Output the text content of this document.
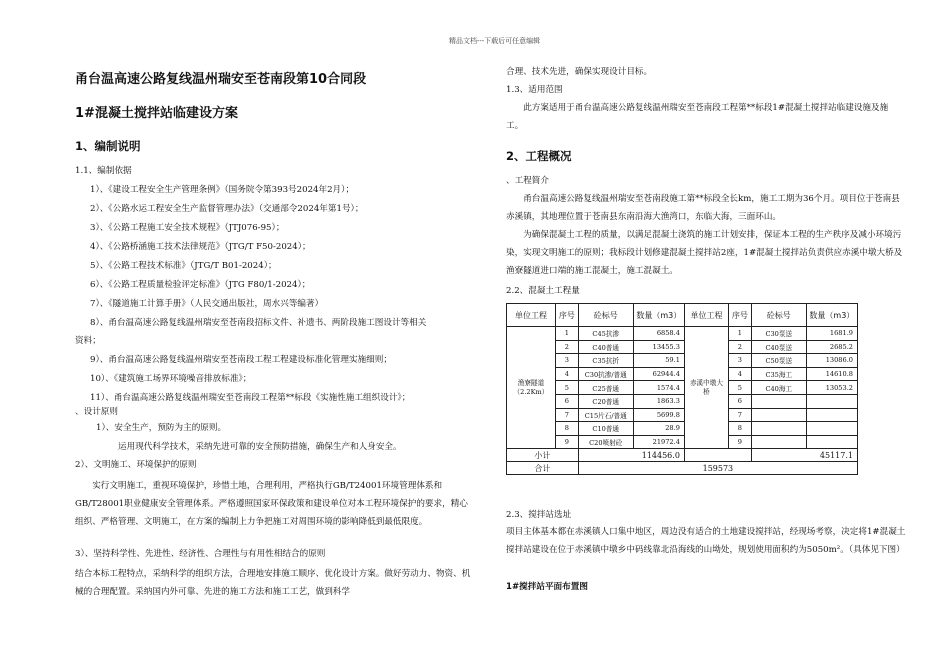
精品文档---下载后可任意编辑
甬台温高速公路复线温州瑞安至苍南段第10合同段
1#混凝土搅拌站临建设方案
1、编制说明
1.1、编制依据
1）、《建设工程安全生产管理条例》（国务院令第393号2024年2月）；
2）、《公路水运工程安全生产监督管理办法》（交通部令2024年第1号）；
3）、《公路工程施工安全技术规程》（JTJ076-95）；
4）、《公路桥涵施工技术法律规范》（JTG/T F50-2024）；
5）、《公路工程技术标准》（JTG/T B01-2024）；
6）、《公路工程质量检验评定标准》（JTG F80/1-2024）；
7）、《隧道施工计算手册》（人民交通出版社，周水兴等编著）
8）、甬台温高速公路复线温州瑞安至苍南段招标文件、补遗书、两阶段施工图设计等相关
资料；
9）、甬台温高速公路复线温州瑞安至苍南段工程工程建设标准化管理实施细则；
10）、《建筑施工场界环境噪音排放标准》；
11）、甬台温高速公路复线温州瑞安至苍南段工程第**标段《实施性施工组织设计》；
、设计原则
1）、安全生产，预防为主的原则。
运用现代科学技术，采纳先进可靠的安全预防措施，确保生产和人身安全。
2）、文明施工、环境保护的原则
实行文明施工，重视环境保护，珍惜土地，合理利用，严格执行GB/T24001环境管理体系和GB/T28001职业健康安全管理体系。严格遵照国家环保政策和建设单位对本工程环境保护的要求，精心组织、严格管理、文明施工，在方案的编制上力争把施工对周围环境的影响降低到最低限度。
3）、坚持科学性、先进性、经济性、合理性与有用性相结合的原则
结合本标工程特点，采纳科学的组织方法，合理地安排施工顺序、优化设计方案。做好劳动力、物资、机械的合理配置。采纳国内外可靠、先进的施工方法和施工工艺，做到科学
合理、技术先进，确保实现设计目标。
1.3、适用范围
此方案适用于甬台温高速公路复线温州瑞安至苍南段工程第**标段1#混凝土搅拌站临建设施及施工。
2、工程概况
、工程简介
甬台温高速公路复线温州瑞安至苍南段施工第**标段全长km，施工工期为36个月。项目位于苍南县赤溪镇，其地理位置于苍南县东南沿海大渔湾口，东临大海，三面环山。
为确保混凝土工程的质量，以满足混凝土浇筑的施工计划安排，保证本工程的生产秩序及减小环境污染，实现文明施工的原则；我标段计划修建混凝土搅拌站2座，1#混凝土搅拌站负责供应赤溪中墩大桥及渔寮隧道进口端的施工混凝土，施工混凝土。
2.2、混凝土工程量
单位工程	序号	砼标号	数量（m3）	单位工程	序号	砼标号	数量（m3）
渔寮隧道（2.2Km）	1	C45抗渗	6858.4	赤溪中墩大桥	1	C30泵送	1681.9
	2	C40普通	13455.3		2	C40泵送	2685.2
	3	C35抗折	59.1		3	C50泵送	13086.0
	4	C30抗渗/普通	62944.4		4	C35海工	14610.8
	5	C25普通	1574.4		5	C40海工	13053.2
	6	C20普通	1863.3		6		
	7	C15片石/普通	5699.8		7		
	8	C10普通	28.9		8		
	9	C20喷射砼	21972.4		9		
小计		114456.0				45117.1	
合计		159573					
2.3、搅拌站选址
项目主体基本都在赤溪镇人口集中地区，周边没有适合的土地建设搅拌站，经现场考察，决定将1#混凝土搅拌站建设在位于赤溪镇中墩乡中码线靠北沿海线的山坳处，规划使用面积约为5050m²。（具体见下图）
1#搅拌站平面布置图
